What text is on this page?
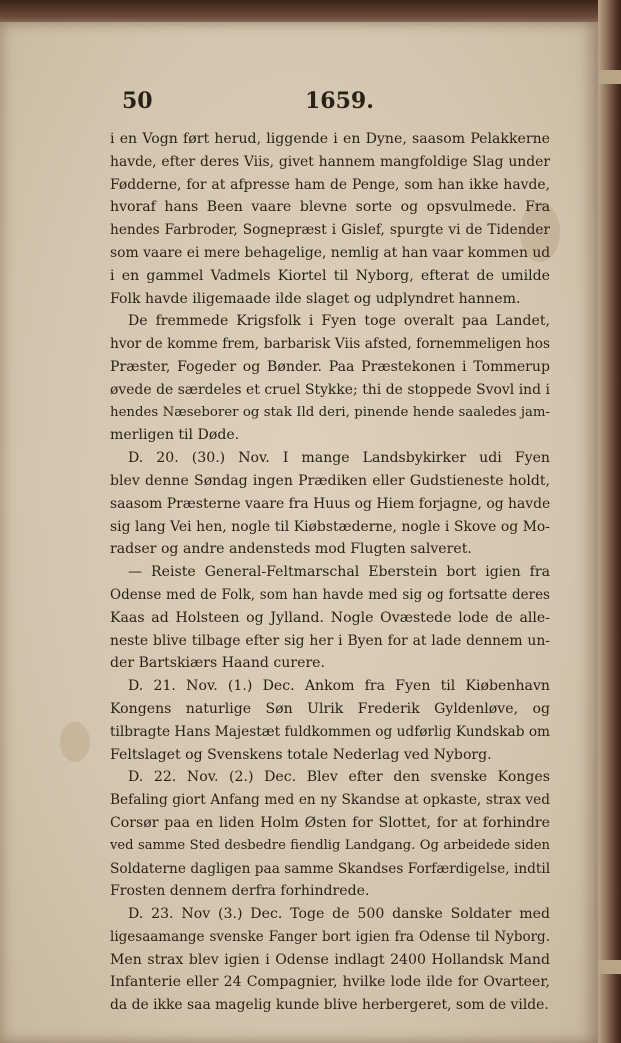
50	1659.
i en Vogn ført herud, liggende i en Dyne, saasom Pelakkerne
havde, efter deres Viis, givet hannem mangfoldige Slag under
Fødderne, for at afpresse ham de Penge, som han ikke havde,
hvoraf hans Been vaare blevne sorte og opsvulmede. Fra
hendes Farbroder, Sognepræst i Gislef, spurgte vi de Tidender
som vaare ei mere behagelige, nemlig at han vaar kommen ud
i en gammel Vadmels Kiortel til Nyborg, efterat de umilde
Folk havde iligemaade ilde slaget og udplyndret hannem.
De fremmede Krigsfolk i Fyen toge overalt paa Landet,
hvor de komme frem, barbarisk Viis afsted, fornemmeligen hos
Præster, Fogeder og Bønder. Paa Præstekonen i Tommerup
øvede de særdeles et cruel Stykke; thi de stoppede Svovl ind i
hendes Næseborer og stak Ild deri, pinende hende saaledes jam-
merligen til Døde.
D. 20. (30.) Nov. I mange Landsbykirker udi Fyen
blev denne Søndag ingen Prædiken eller Gudstieneste holdt,
saasom Præsterne vaare fra Huus og Hiem forjagne, og havde
sig lang Vei hen, nogle til Kiøbstæderne, nogle i Skove og Mo-
radser og andre andensteds mod Flugten salveret.
— Reiste General-Feltmarschal Eberstein bort igien fra
Odense med de Folk, som han havde med sig og fortsatte deres
Kaas ad Holsteen og Jylland. Nogle Ovæstede lode de alle-
neste blive tilbage efter sig her i Byen for at lade dennem un-
der Bartskiærs Haand curere.
D. 21. Nov. (1.) Dec. Ankom fra Fyen til Kiøbenhavn
Kongens naturlige Søn Ulrik Frederik Gyldenløve, og
tilbragte Hans Majestæt fuldkommen og udførlig Kundskab om
Feltslaget og Svenskens totale Nederlag ved Nyborg.
D. 22. Nov. (2.) Dec. Blev efter den svenske Konges
Befaling giort Anfang med en ny Skandse at opkaste, strax ved
Corsør paa en liden Holm Østen for Slottet, for at forhindre
ved samme Sted desbedre fiendlig Landgang. Og arbeidede siden
Soldaterne dagligen paa samme Skandses Forfærdigelse, indtil
Frosten dennem derfra forhindrede.
D. 23. Nov (3.) Dec. Toge de 500 danske Soldater med
ligesaamange svenske Fanger bort igien fra Odense til Nyborg.
Men strax blev igien i Odense indlagt 2400 Hollandsk Mand
Infanterie eller 24 Compagnier, hvilke lode ilde for Ovarteer,
da de ikke saa magelig kunde blive herbergeret, som de vilde.
